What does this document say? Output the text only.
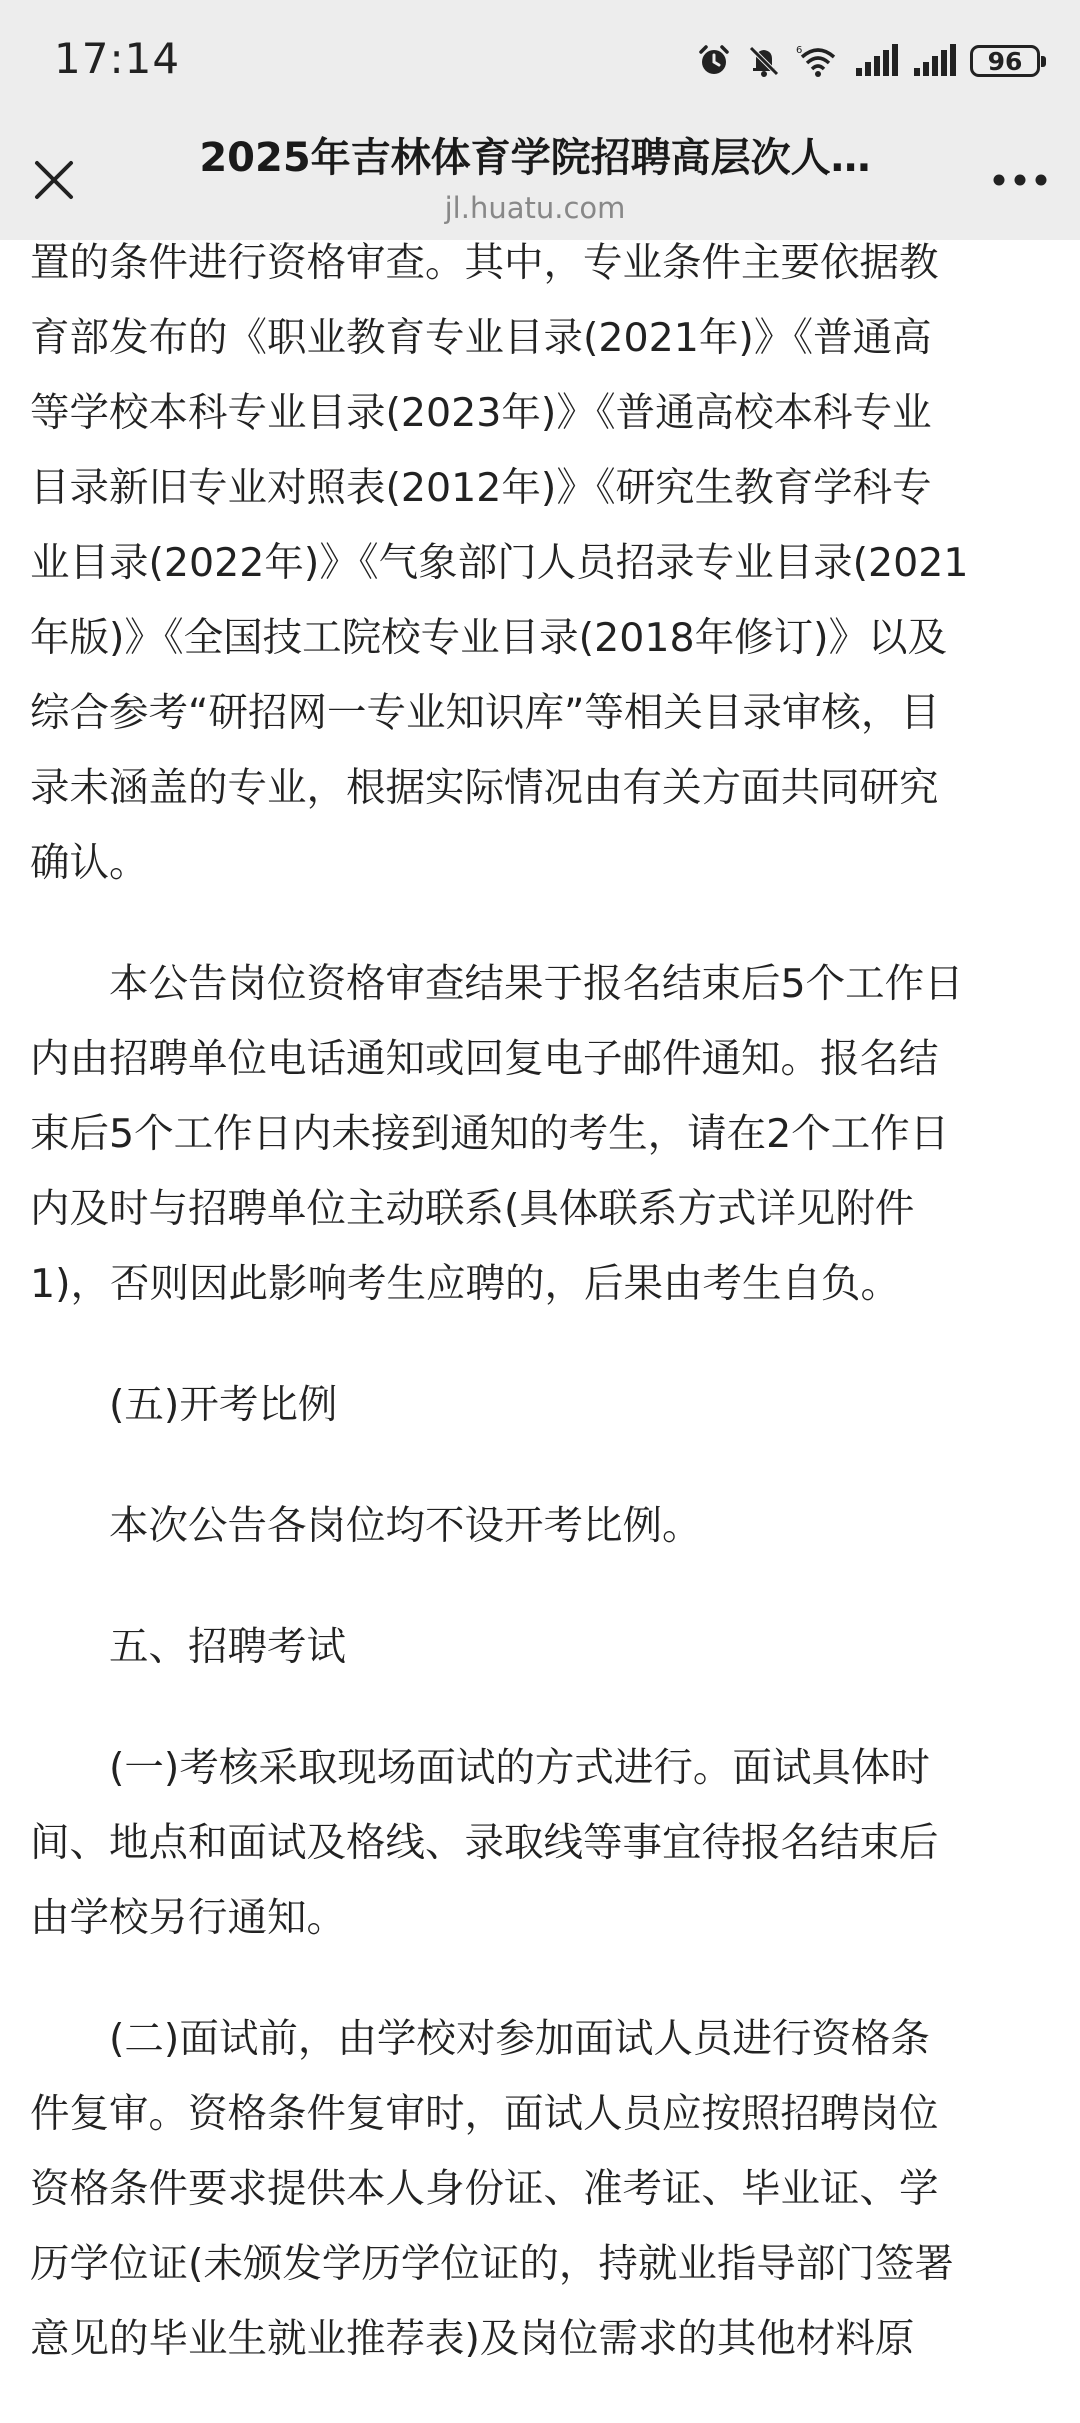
17:14	6	96
2025年吉林体育学院招聘高层次人…
jl.huatu.com

置的条件进行资格审查。其中，专业条件主要依据教
育部发布的《职业教育专业目录(2021年)》《普通高
等学校本科专业目录(2023年)》《普通高校本科专业
目录新旧专业对照表(2012年)》《研究生教育学科专
业目录(2022年)》《气象部门人员招录专业目录(2021
年版)》《全国技工院校专业目录(2018年修订)》以及
综合参考“研招网一专业知识库”等相关目录审核，目
录未涵盖的专业，根据实际情况由有关方面共同研究
确认。

　　本公告岗位资格审查结果于报名结束后5个工作日
内由招聘单位电话通知或回复电子邮件通知。报名结
束后5个工作日内未接到通知的考生，请在2个工作日
内及时与招聘单位主动联系(具体联系方式详见附件
1)，否则因此影响考生应聘的，后果由考生自负。

　　(五)开考比例

　　本次公告各岗位均不设开考比例。

　　五、招聘考试

　　(一)考核采取现场面试的方式进行。面试具体时
间、地点和面试及格线、录取线等事宜待报名结束后
由学校另行通知。

　　(二)面试前，由学校对参加面试人员进行资格条
件复审。资格条件复审时，面试人员应按照招聘岗位
资格条件要求提供本人身份证、准考证、毕业证、学
历学位证(未颁发学历学位证的，持就业指导部门签署
意见的毕业生就业推荐表)及岗位需求的其他材料原
